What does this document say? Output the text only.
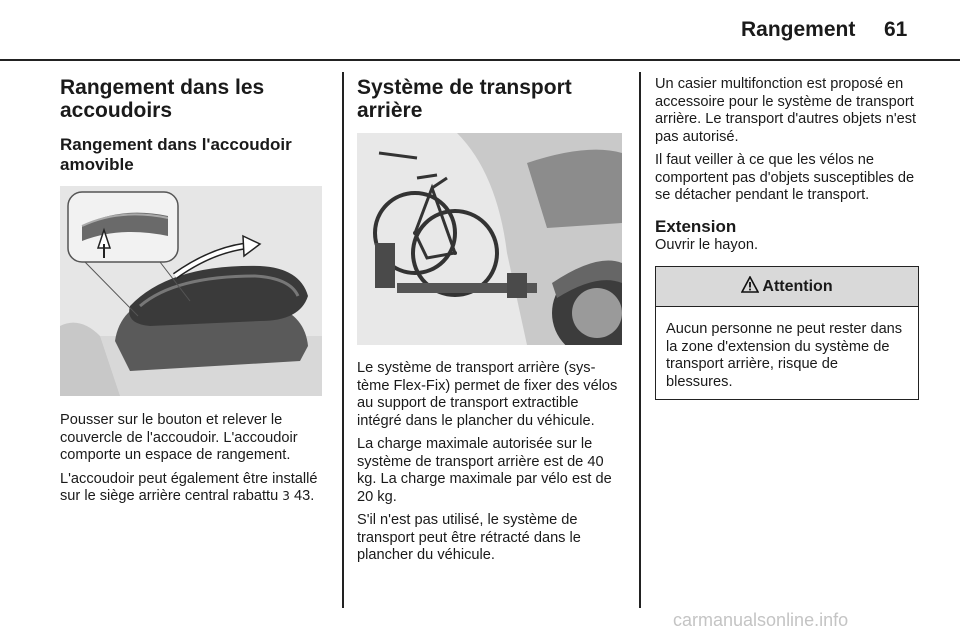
Rangement 61
Rangement dans les accoudoirs
Rangement dans l'accoudoir amovible

Pousser sur le bouton et relever le couvercle de l'accoudoir. L'accoudoir comporte un espace de rangement.

L'accoudoir peut également être installé sur le siège arrière central rabattu 3 43.

Système de transport arrière

Le système de transport arrière (système Flex-Fix) permet de fixer des vélos au support de transport extractible intégré dans le plancher du véhicule.

La charge maximale autorisée sur le système de transport arrière est de 40 kg. La charge maximale par vélo est de 20 kg.

S'il n'est pas utilisé, le système de transport peut être rétracté dans le plancher du véhicule.

Un casier multifonction est proposé en accessoire pour le système de transport arrière. Le transport d'autres objets n'est pas autorisé.

Il faut veiller à ce que les vélos ne comportent pas d'objets susceptibles de se détacher pendant le transport.

Extension

Ouvrir le hayon.

Attention

Aucun personne ne peut rester dans la zone d'extension du système de transport arrière, risque de blessures.

carmanualsonline.info
